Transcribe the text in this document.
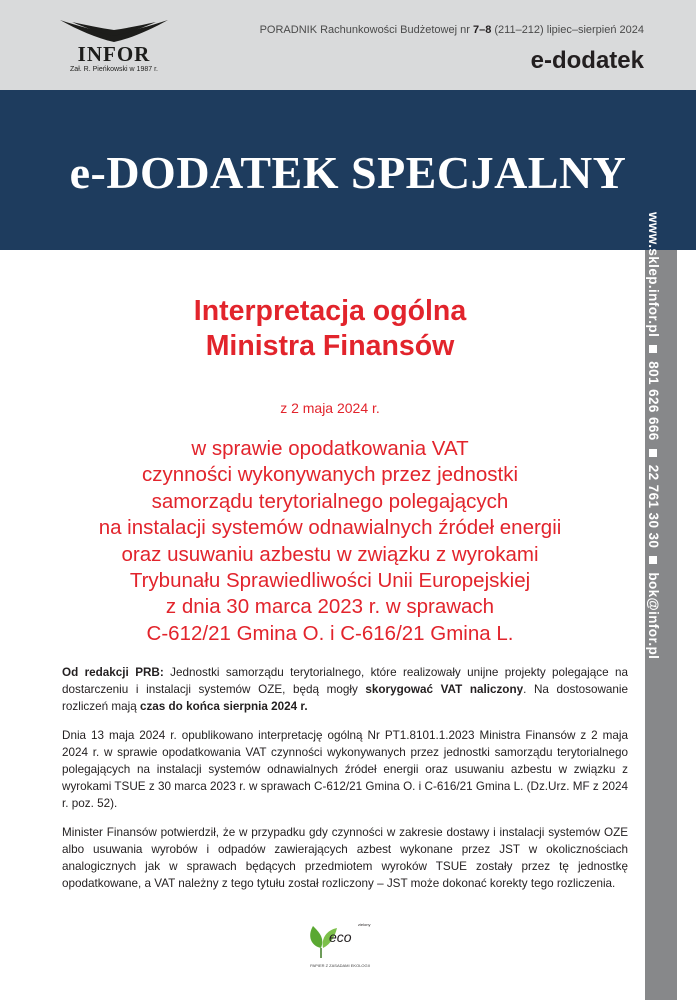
INFOR
Zał. R. Pieńkowski w 1987 r.
PORADNIK Rachunkowości Budżetowej nr 7–8 (211–212) lipiec–sierpień 2024
e-dodatek
e-DODATEK SPECJALNY
www.sklep.infor.pl801 626 66622 761 30 30bok@infor.pl
Interpretacja ogólna
Ministra Finansów
z 2 maja 2024 r.
w sprawie opodatkowania VAT
czynności wykonywanych przez jednostki
samorządu terytorialnego polegających
na instalacji systemów odnawialnych źródeł energii
oraz usuwaniu azbestu w związku z wyrokami
Trybunału Sprawiedliwości Unii Europejskiej
z dnia 30 marca 2023 r. w sprawach
C-612/21 Gmina O. i C-616/21 Gmina L.

Od redakcji PRB: Jednostki samorządu terytorialnego, które realizowały unijne projekty polegające na dostarczeniu i instalacji systemów OZE, będą mogły skorygować VAT naliczony. Na dostosowanie rozliczeń mają czas do końca sierpnia 2024 r.

Dnia 13 maja 2024 r. opublikowano interpretację ogólną Nr PT1.8101.1.2023 Ministra Finansów z 2 maja 2024 r. w sprawie opodatkowania VAT czynności wykonywanych przez jednostki samorządu terytorialnego polegających na instalacji systemów odnawialnych źródeł energii oraz usuwaniu azbestu w związku z wyrokami TSUE z 30 marca 2023 r. w sprawach C-612/21 Gmina O. i C-616/21 Gmina L. (Dz.Urz. MF z 2024 r. poz. 52).

Minister Finansów potwierdził, że w przypadku gdy czynności w zakresie dostawy i instalacji systemów OZE albo usuwania wyrobów i odpadów zawierających azbest wykonane przez JST w okolicznościach analogicznych jak w sprawach będących przedmiotem wyroków TSUE zostały przez tę jednostkę opodatkowane, a VAT należny z tego tytułu został rozliczony – JST może dokonać korekty tego rozliczenia.

eco
zielony
PAPIER Z ZASADAMI EKOLOGII
